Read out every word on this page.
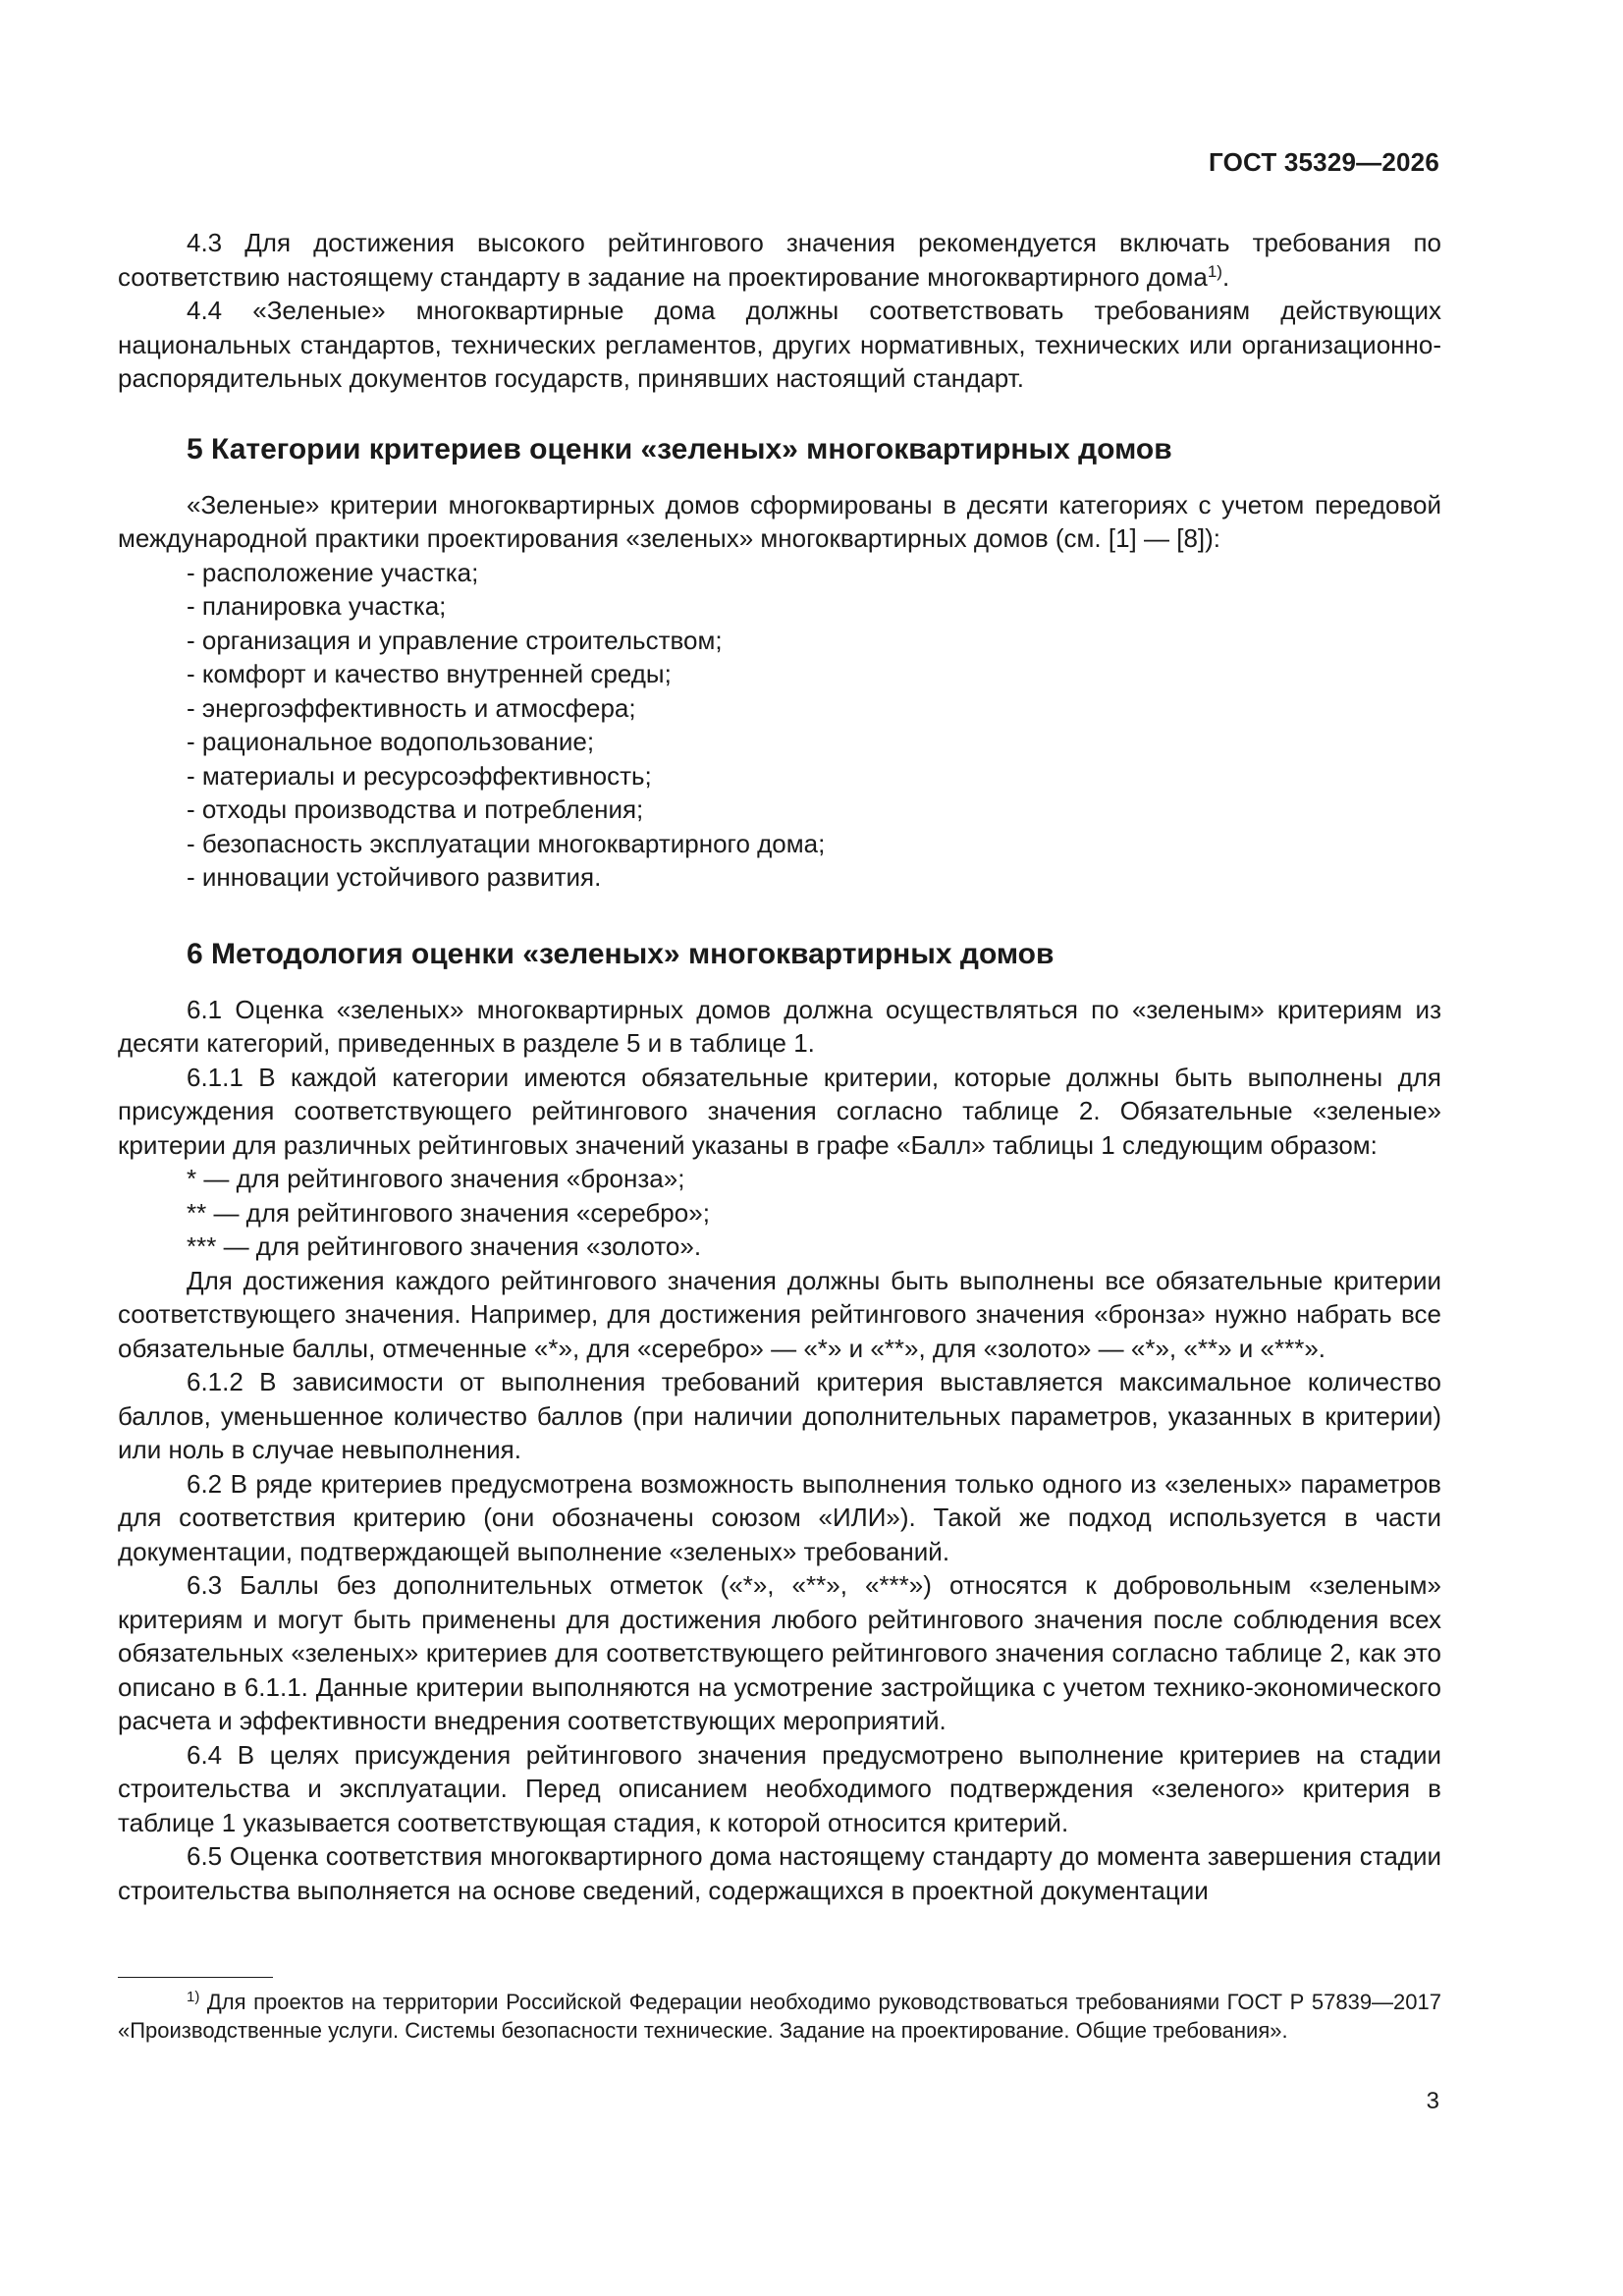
ГОСТ 35329—2026

4.3 Для достижения высокого рейтингового значения рекомендуется включать требования по соответствию настоящему стандарту в задание на проектирование многоквартирного дома$^{1)}$.

4.4 «Зеленые» многоквартирные дома должны соответствовать требованиям действующих национальных стандартов, технических регламентов, других нормативных, технических или организационно-распорядительных документов государств, принявших настоящий стандарт.

5 Категории критериев оценки «зеленых» многоквартирных домов

«Зеленые» критерии многоквартирных домов сформированы в десяти категориях с учетом передовой международной практики проектирования «зеленых» многоквартирных домов (см. [1] — [8]):

- расположение участка;
- планировка участка;
- организация и управление строительством;
- комфорт и качество внутренней среды;
- энергоэффективность и атмосфера;
- рациональное водопользование;
- материалы и ресурсоэффективность;
- отходы производства и потребления;
- безопасность эксплуатации многоквартирного дома;
- инновации устойчивого развития.
6 Методология оценки «зеленых» многоквартирных домов

6.1 Оценка «зеленых» многоквартирных домов должна осуществляться по «зеленым» критериям из десяти категорий, приведенных в разделе 5 и в таблице 1.

6.1.1 В каждой категории имеются обязательные критерии, которые должны быть выполнены для присуждения соответствующего рейтингового значения согласно таблице 2. Обязательные «зеленые» критерии для различных рейтинговых значений указаны в графе «Балл» таблицы 1 следующим образом:

* — для рейтингового значения «бронза»;

** — для рейтингового значения «серебро»;

*** — для рейтингового значения «золото».

Для достижения каждого рейтингового значения должны быть выполнены все обязательные критерии соответствующего значения. Например, для достижения рейтингового значения «бронза» нужно набрать все обязательные баллы, отмеченные «*», для «серебро» — «*» и «**», для «золото» — «*», «**» и «***».

6.1.2 В зависимости от выполнения требований критерия выставляется максимальное количество баллов, уменьшенное количество баллов (при наличии дополнительных параметров, указанных в критерии) или ноль в случае невыполнения.

6.2 В ряде критериев предусмотрена возможность выполнения только одного из «зеленых» параметров для соответствия критерию (они обозначены союзом «ИЛИ»). Такой же подход используется в части документации, подтверждающей выполнение «зеленых» требований.

6.3 Баллы без дополнительных отметок («*», «**», «***») относятся к добровольным «зеленым» критериям и могут быть применены для достижения любого рейтингового значения после соблюдения всех обязательных «зеленых» критериев для соответствующего рейтингового значения согласно таблице 2, как это описано в 6.1.1. Данные критерии выполняются на усмотрение застройщика с учетом технико-экономического расчета и эффективности внедрения соответствующих мероприятий.

6.4 В целях присуждения рейтингового значения предусмотрено выполнение критериев на стадии строительства и эксплуатации. Перед описанием необходимого подтверждения «зеленого» критерия в таблице 1 указывается соответствующая стадия, к которой относится критерий.

6.5 Оценка соответствия многоквартирного дома настоящему стандарту до момента завершения стадии строительства выполняется на основе сведений, содержащихся в проектной документации

$^{1)}$ Для проектов на территории Российской Федерации необходимо руководствоваться требованиями ГОСТ Р 57839—2017 «Производственные услуги. Системы безопасности технические. Задание на проектирование. Общие требования».

3
